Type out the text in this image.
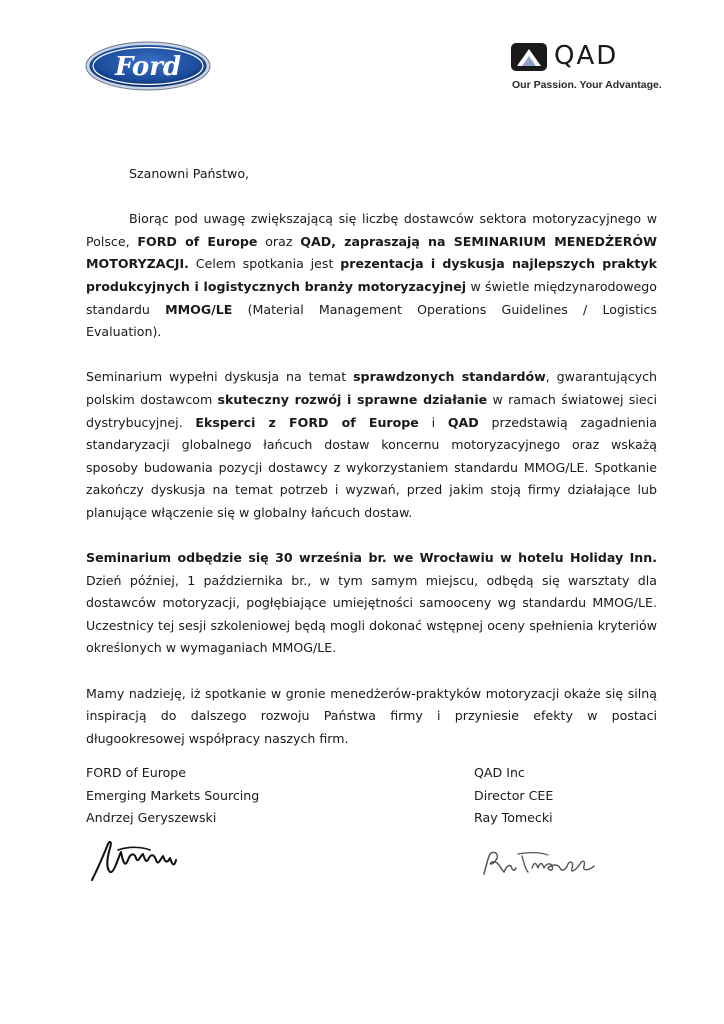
Ford	QAD
Our Passion. Your Advantage.

Szanowni Państwo,

Biorąc pod uwagę zwiększającą się liczbę dostawców sektora motoryzacyjnego w Polsce, FORD of Europe oraz QAD, zapraszają na SEMINARIUM MENEDŻERÓW MOTORYZACJI. Celem spotkania jest prezentacja i dyskusja najlepszych praktyk produkcyjnych i logistycznych branży motoryzacyjnej w świetle międzynarodowego standardu MMOG/LE (Material Management Operations Guidelines / Logistics Evaluation).

Seminarium wypełni dyskusja na temat sprawdzonych standardów, gwarantujących polskim dostawcom skuteczny rozwój i sprawne działanie w ramach światowej sieci dystrybucyjnej. Eksperci z FORD of Europe i QAD przedstawią zagadnienia standaryzacji globalnego łańcuch dostaw koncernu motoryzacyjnego oraz wskażą sposoby budowania pozycji dostawcy z wykorzystaniem standardu MMOG/LE. Spotkanie zakończy dyskusja na temat potrzeb i wyzwań, przed jakim stoją firmy działające lub planujące włączenie się w globalny łańcuch dostaw.

Seminarium odbędzie się 30 września br. we Wrocławiu w hotelu Holiday Inn. Dzień później, 1 października br., w tym samym miejscu, odbędą się warsztaty dla dostawców motoryzacji, pogłębiające umiejętności samooceny wg standardu MMOG/LE. Uczestnicy tej sesji szkoleniowej będą mogli dokonać wstępnej oceny spełnienia kryteriów określonych w wymaganiach MMOG/LE.

Mamy nadzieję, iż spotkanie w gronie menedżerów-praktyków motoryzacji okaże się silną inspiracją do dalszego rozwoju Państwa firmy i przyniesie efekty w postaci długookresowej współpracy naszych firm.

FORD of Europe
Emerging Markets Sourcing
Andrzej Geryszewski
QAD Inc
Director CEE
Ray Tomecki
